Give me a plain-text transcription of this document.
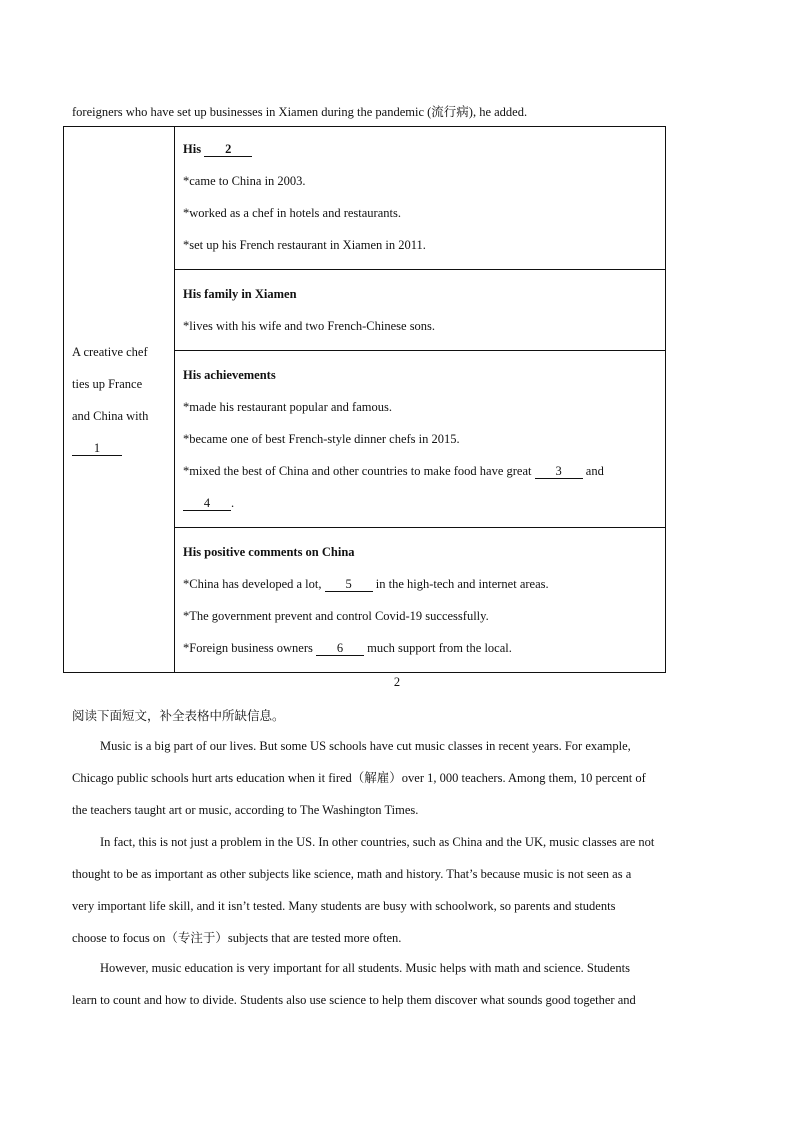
foreigners who have set up businesses in Xiamen during the pandemic (流行病), he added.
A creative chef
ties up France
and China with
1

His 2
*came to China in 2003.
*worked as a chef in hotels and restaurants.
*set up his French restaurant in Xiamen in 2011.

His family in Xiamen
*lives with his wife and two French-Chinese sons.

His achievements
*made his restaurant popular and famous.
*became one of best French-style dinner chefs in 2015.
*mixed the best of China and other countries to make food have great 3 and
4 .

His positive comments on China
*China has developed a lot, 5 in the high-tech and internet areas.
*The government prevent and control Covid-19 successfully.
*Foreign business owners 6 much support from the local.
2
阅读下面短文，补全表格中所缺信息。
Music is a big part of our lives. But some US schools have cut music classes in recent years. For example,
Chicago public schools hurt arts education when it fired（解雇）over 1, 000 teachers. Among them, 10 percent of
the teachers taught art or music, according to The Washington Times.
In fact, this is not just a problem in the US. In other countries, such as China and the UK, music classes are not
thought to be as important as other subjects like science, math and history. That’s because music is not seen as a
very important life skill, and it isn’t tested. Many students are busy with schoolwork, so parents and students
choose to focus on（专注于）subjects that are tested more often.
However, music education is very important for all students. Music helps with math and science. Students
learn to count and how to divide. Students also use science to help them discover what sounds good together and
